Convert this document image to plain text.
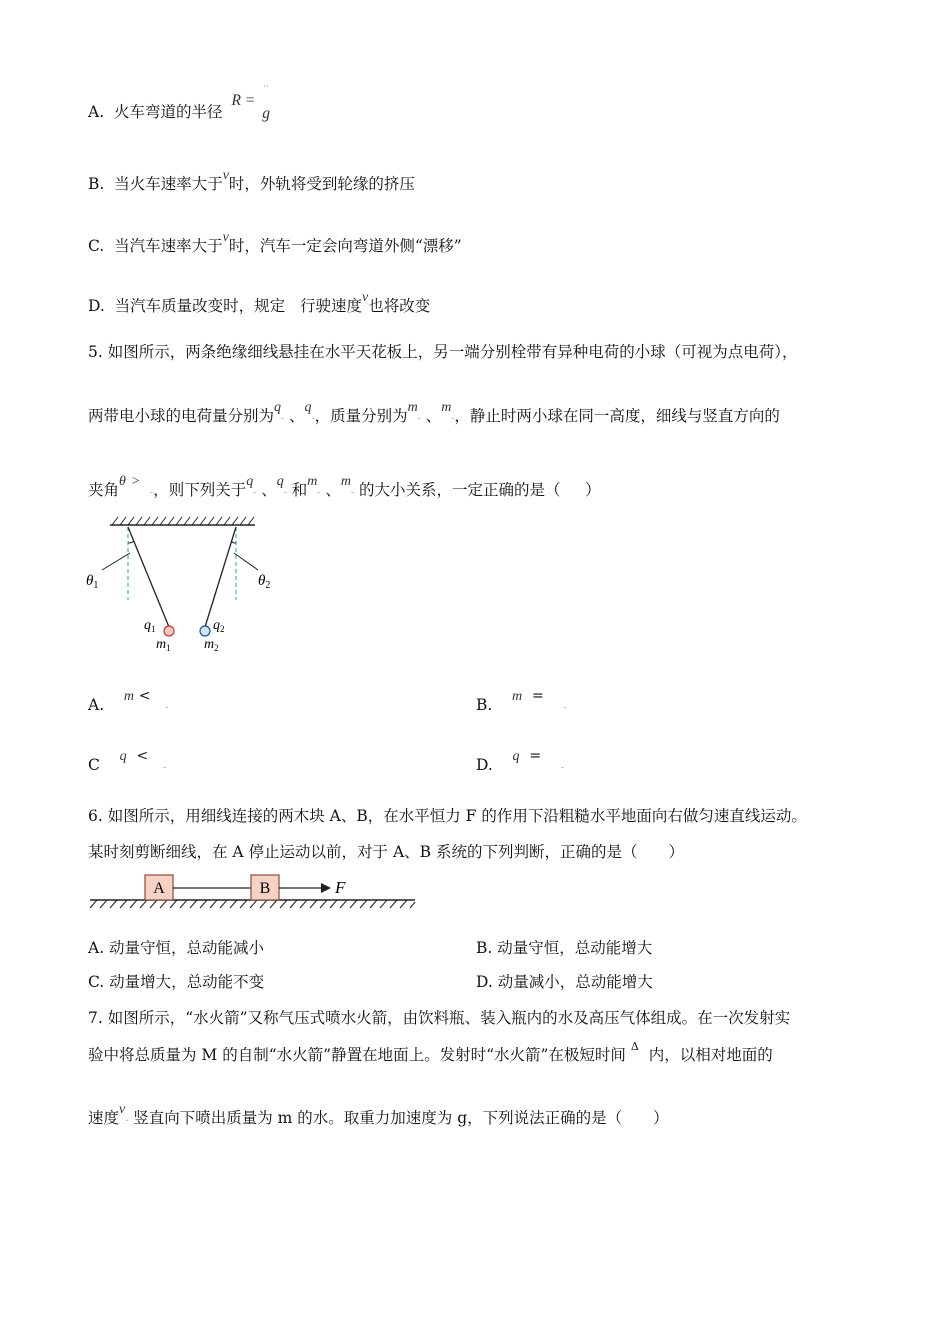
A. 火车弯道的半径 R =
··
g
B. 当火车速率大于v时，外轨将受到轮缘的挤压
C. 当汽车速率大于v时，汽车一定会向弯道外侧“漂移”
D. 当汽车质量改变时，规定 行驶速度v也将改变
5. 如图所示，两条绝缘细线悬挂在水平天花板上，另一端分别栓带有异种电荷的小球（可视为点电荷），
两带电小球的电荷量分别为q- 、q-，质量分别为m- 、m-，静止时两小球在同一高度，细线与竖直方向的
夹角θ >  -，则下列关于q- 、q- 和m- 、m- 的大小关系，一定正确的是（ ）
$\theta_1$	$\theta_2$
$q_1$	$q_2$
$m_1$ $m_2$
A. m <   -	B. m =    -
C q <   -	D. q =    -
6. 如图所示，用细线连接的两木块 A、B，在水平恒力 F 的作用下沿粗糙水平地面向右做匀速直线运动。
某时刻剪断细线，在 A 停止运动以前，对于 A、B 系统的下列判断，正确的是（　　）
A	B	F
A. 动量守恒，总动能减小	B. 动量守恒，总动能增大
C. 动量增大，总动能不变	D. 动量减小，总动能增大
7. 如图所示，“水火箭”又称气压式喷水火箭，由饮料瓶、装入瓶内的水及高压气体组成。在一次发射实
验中将总质量为 M 的自制“水火箭”静置在地面上。发射时“水火箭”在极短时间 $^\Delta$ 内，以相对地面的
速度v- 竖直向下喷出质量为 m 的水。取重力加速度为 g，下列说法正确的是（　　）
